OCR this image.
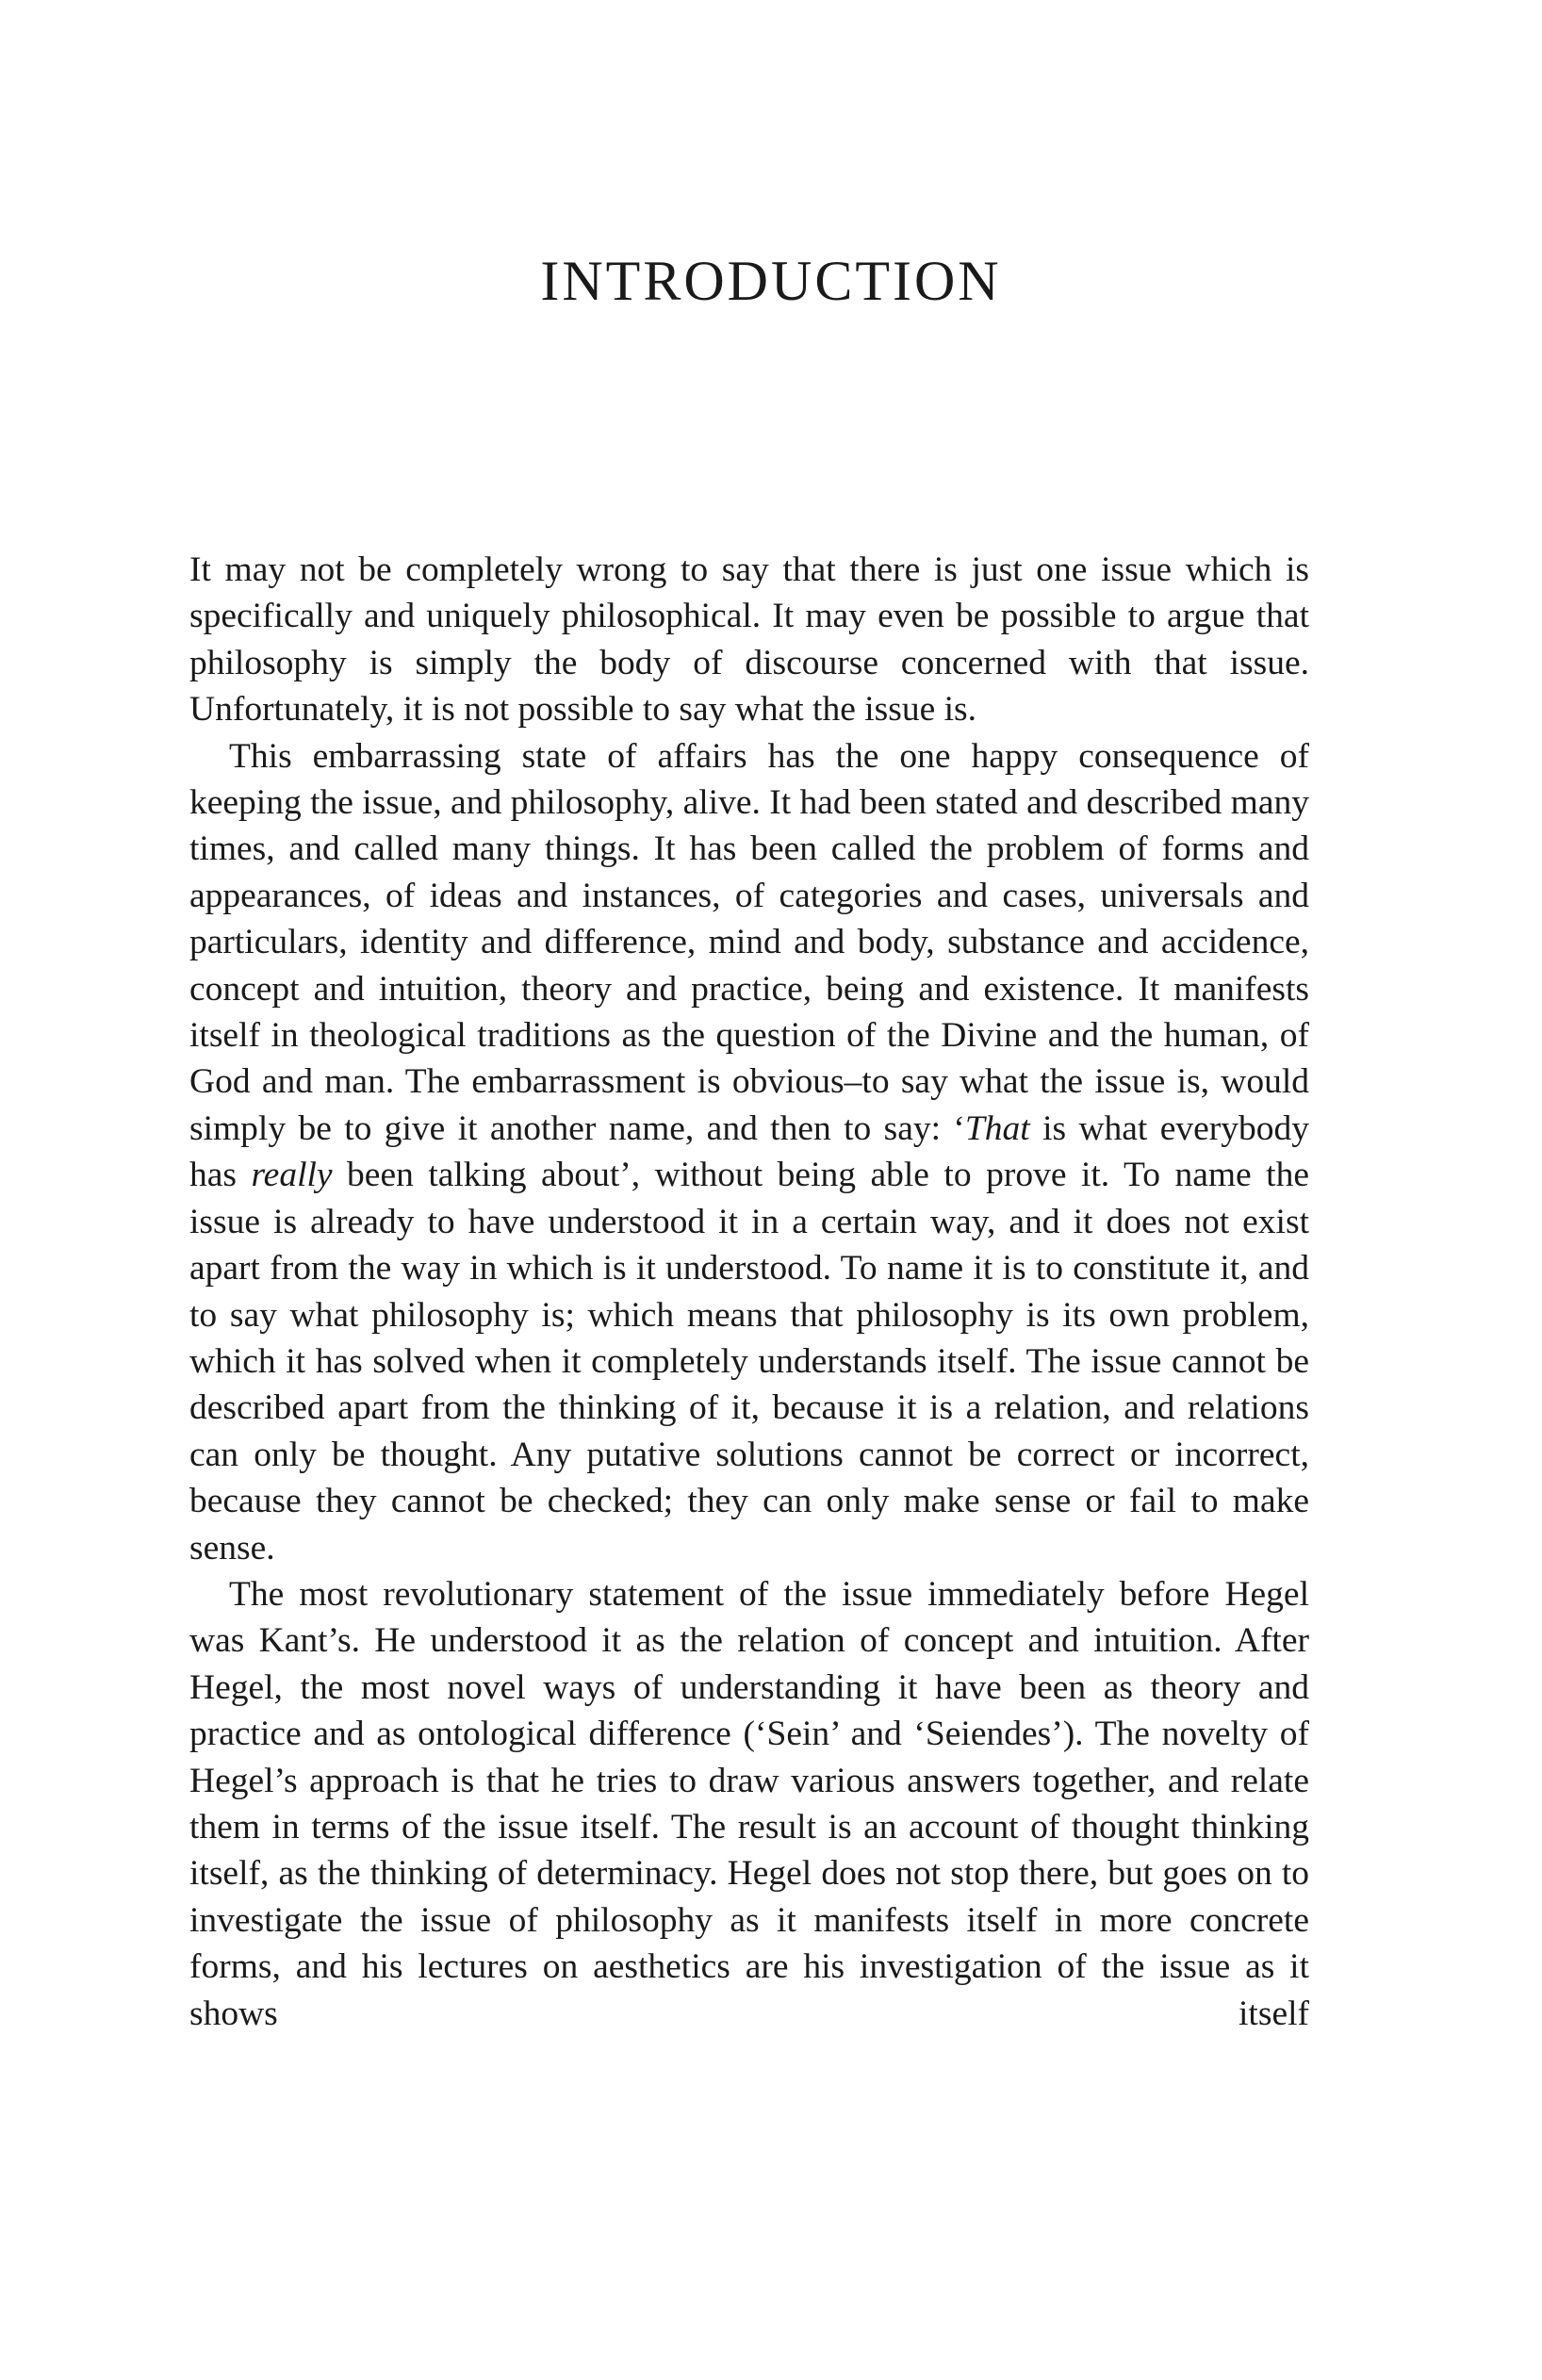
INTRODUCTION

It may not be completely wrong to say that there is just one issue which is specifically and uniquely philosophical. It may even be possible to argue that philosophy is simply the body of discourse concerned with that issue. Unfortunately, it is not possible to say what the issue is.

This embarrassing state of affairs has the one happy consequence of keeping the issue, and philosophy, alive. It had been stated and described many times, and called many things. It has been called the problem of forms and appearances, of ideas and instances, of categories and cases, universals and particulars, identity and difference, mind and body, substance and accidence, concept and intuition, theory and practice, being and existence. It manifests itself in theological traditions as the question of the Divine and the human, of God and man. The embarrassment is obvious–to say what the issue is, would simply be to give it another name, and then to say: ‘That is what everybody has really been talking about’, without being able to prove it. To name the issue is already to have understood it in a certain way, and it does not exist apart from the way in which is it understood. To name it is to constitute it, and to say what philosophy is; which means that philosophy is its own problem, which it has solved when it completely understands itself. The issue cannot be described apart from the thinking of it, because it is a relation, and relations can only be thought. Any putative solutions cannot be correct or incorrect, because they cannot be checked; they can only make sense or fail to make sense.

The most revolutionary statement of the issue immediately before Hegel was Kant’s. He understood it as the relation of concept and intuition. After Hegel, the most novel ways of understanding it have been as theory and practice and as ontological difference (‘Sein’ and ‘Seiendes’). The novelty of Hegel’s approach is that he tries to draw various answers together, and relate them in terms of the issue itself. The result is an account of thought thinking itself, as the thinking of determinacy. Hegel does not stop there, but goes on to investigate the issue of philosophy as it manifests itself in more concrete forms, and his lectures on aesthetics are his investigation of the issue as it shows itself
